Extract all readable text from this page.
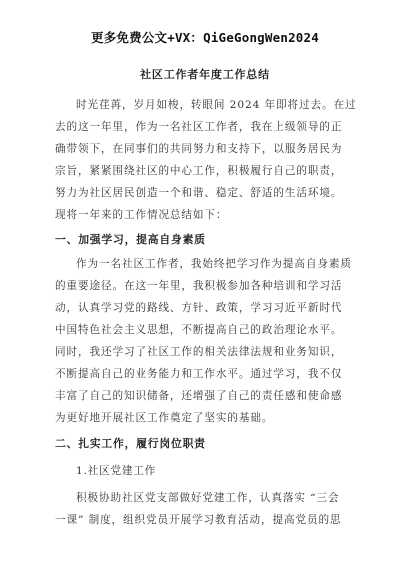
更多免费公文+VX：QiGeGongWen2024
社区工作者年度工作总结
时光荏苒，岁月如梭，转眼间 2024 年即将过去。在过
去的这一年里，作为一名社区工作者，我在上级领导的正
确带领下，在同事们的共同努力和支持下，以服务居民为
宗旨，紧紧围绕社区的中心工作，积极履行自己的职责，
努力为社区居民创造一个和谐、稳定、舒适的生活环境。
现将一年来的工作情况总结如下：
一、加强学习，提高自身素质
作为一名社区工作者，我始终把学习作为提高自身素质
的重要途径。在这一年里，我积极参加各种培训和学习活
动，认真学习党的路线、方针、政策，学习习近平新时代
中国特色社会主义思想，不断提高自己的政治理论水平。
同时，我还学习了社区工作的相关法律法规和业务知识，
不断提高自己的业务能力和工作水平。通过学习，我不仅
丰富了自己的知识储备，还增强了自己的责任感和使命感
为更好地开展社区工作奠定了坚实的基础。
二、扎实工作，履行岗位职责
1.社区党建工作
积极协助社区党支部做好党建工作，认真落实 “三会
一课” 制度，组织党员开展学习教育活动，提高党员的思
